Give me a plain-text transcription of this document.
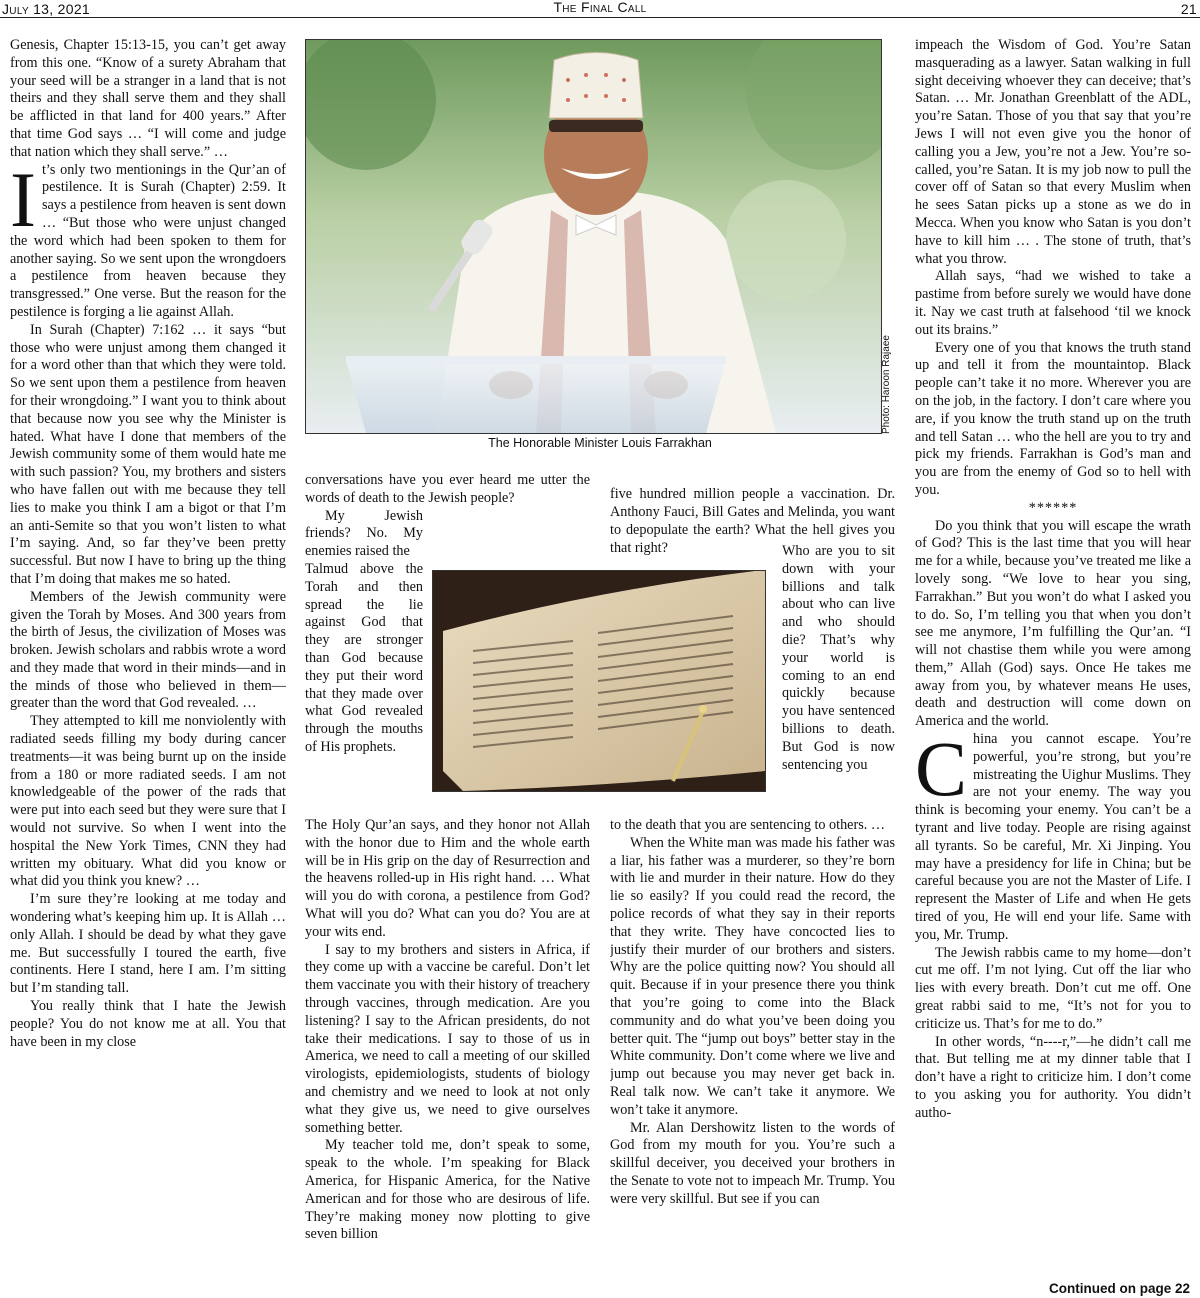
July 13, 2021	The Final Call	21

Genesis, Chapter 15:13-15, you can’t get away from this one. “Know of a surety Abraham that your seed will be a stranger in a land that is not theirs and they shall serve them and they shall be afflicted in that land for 400 years.” After that time God says … “I will come and judge that nation which they shall serve.” …

It’s only two mentionings in the Qur’an of pestilence. It is Surah (Chapter) 2:59. It says a pestilence from heaven is sent down … “But those who were unjust changed the word which had been spoken to them for another saying. So we sent upon the wrongdoers a pestilence from heaven because they transgressed.” One verse. But the reason for the pestilence is forging a lie against Allah.

In Surah (Chapter) 7:162 … it says “but those who were unjust among them changed it for a word other than that which they were told. So we sent upon them a pestilence from heaven for their wrongdoing.” I want you to think about that because now you see why the Minister is hated. What have I done that members of the Jewish community some of them would hate me with such passion? You, my brothers and sisters who have fallen out with me because they tell lies to make you think I am a bigot or that I’m an anti-Semite so that you won’t listen to what I’m saying. And, so far they’ve been pretty successful. But now I have to bring up the thing that I’m doing that makes me so hated.

Members of the Jewish community were given the Torah by Moses. And 300 years from the birth of Jesus, the civilization of Moses was broken. Jewish scholars and rabbis wrote a word and they made that word in their minds—and in the minds of those who believed in them—greater than the word that God revealed. …

They attempted to kill me nonviolently with radiated seeds filling my body during cancer treatments—it was being burnt up on the inside from a 180 or more radiated seeds. I am not knowledgeable of the power of the rads that were put into each seed but they were sure that I would not survive. So when I went into the hospital the New York Times, CNN they had written my obituary. What did you know or what did you think you knew? …

I’m sure they’re looking at me today and wondering what’s keeping him up. It is Allah … only Allah. I should be dead by what they gave me. But successfully I toured the earth, five continents. Here I stand, here I am. I’m sitting but I’m standing tall.

You really think that I hate the Jewish people? You do not know me at all. You that have been in my close

Photo: Haroon Rajaee
The Honorable Minister Louis Farrakhan

conversations have you ever heard me utter the words of death to the Jewish people?

My Jewish friends? No. My enemies raised the

Talmud above the Torah and then spread the lie against God that they are stronger than God because they put their word that they made over what God revealed through the mouths of His prophets.

five hundred million people a vaccination. Dr. Anthony Fauci, Bill Gates and Melinda, you want to depopulate the earth? What the hell gives you that right?	Who are you to sit down with your billions and talk about who can live and who should die? That’s why your world is coming to an end quickly because you have sentenced billions to death. But God is now sentencing you

The Holy Qur’an says, and they honor not Allah with the honor due to Him and the whole earth will be in His grip on the day of Resurrection and the heavens rolled-up in His right hand. … What will you do with corona, a pestilence from God? What will you do? What can you do? You are at your wits end.

I say to my brothers and sisters in Africa, if they come up with a vaccine be careful. Don’t let them vaccinate you with their history of treachery through vaccines, through medication. Are you listening? I say to the African presidents, do not take their medications. I say to those of us in America, we need to call a meeting of our skilled virologists, epidemiologists, students of biology and chemistry and we need to look at not only what they give us, we need to give ourselves something better.

My teacher told me, don’t speak to some, speak to the whole. I’m speaking for Black America, for Hispanic America, for the Native American and for those who are desirous of life. They’re making money now plotting to give seven billion

to the death that you are sentencing to others. …

When the White man was made his father was a liar, his father was a murderer, so they’re born with lie and murder in their nature. How do they lie so easily? If you could read the record, the police records of what they say in their reports that they write. They have concocted lies to justify their murder of our brothers and sisters. Why are the police quitting now? You should all quit. Because if in your presence there you think that you’re going to come into the Black community and do what you’ve been doing you better quit. The “jump out boys” better stay in the White community. Don’t come where we live and jump out because you may never get back in. Real talk now. We can’t take it anymore. We won’t take it anymore.

Mr. Alan Dershowitz listen to the words of God from my mouth for you. You’re such a skillful deceiver, you deceived your brothers in the Senate to vote not to impeach Mr. Trump. You were very skillful. But see if you can

impeach the Wisdom of God. You’re Satan masquerading as a lawyer. Satan walking in full sight deceiving whoever they can deceive; that’s Satan. … Mr. Jonathan Greenblatt of the ADL, you’re Satan. Those of you that say that you’re Jews I will not even give you the honor of calling you a Jew, you’re not a Jew. You’re so-called, you’re Satan. It is my job now to pull the cover off of Satan so that every Muslim when he sees Satan picks up a stone as we do in Mecca. When you know who Satan is you don’t have to kill him … . The stone of truth, that’s what you throw.

Allah says, “had we wished to take a pastime from before surely we would have done it. Nay we cast truth at falsehood ‘til we knock out its brains.”

Every one of you that knows the truth stand up and tell it from the mountaintop. Black people can’t take it no more. Wherever you are on the job, in the factory. I don’t care where you are, if you know the truth stand up on the truth and tell Satan … who the hell are you to try and pick my friends. Farrakhan is God’s man and you are from the enemy of God so to hell with you.

******

Do you think that you will escape the wrath of God? This is the last time that you will hear me for a while, because you’ve treated me like a lovely song. “We love to hear you sing, Farrakhan.” But you won’t do what I asked you to do. So, I’m telling you that when you don’t see me anymore, I’m fulfilling the Qur’an. “I will not chastise them while you were among them,” Allah (God) says. Once He takes me away from you, by whatever means He uses, death and destruction will come down on America and the world.

China you cannot escape. You’re powerful, you’re strong, but you’re mistreating the Uighur Muslims. They are not your enemy. The way you think is becoming your enemy. You can’t be a tyrant and live today. People are rising against all tyrants. So be careful, Mr. Xi Jinping. You may have a presidency for life in China; but be careful because you are not the Master of Life. I represent the Master of Life and when He gets tired of you, He will end your life. Same with you, Mr. Trump.

The Jewish rabbis came to my home—don’t cut me off. I’m not lying. Cut off the liar who lies with every breath. Don’t cut me off. One great rabbi said to me, “It’s not for you to criticize us. That’s for me to do.”

In other words, “n----r,”—he didn’t call me that. But telling me at my dinner table that I don’t have a right to criticize him. I don’t come to you asking you for authority. You didn’t autho-

Continued on page 22
